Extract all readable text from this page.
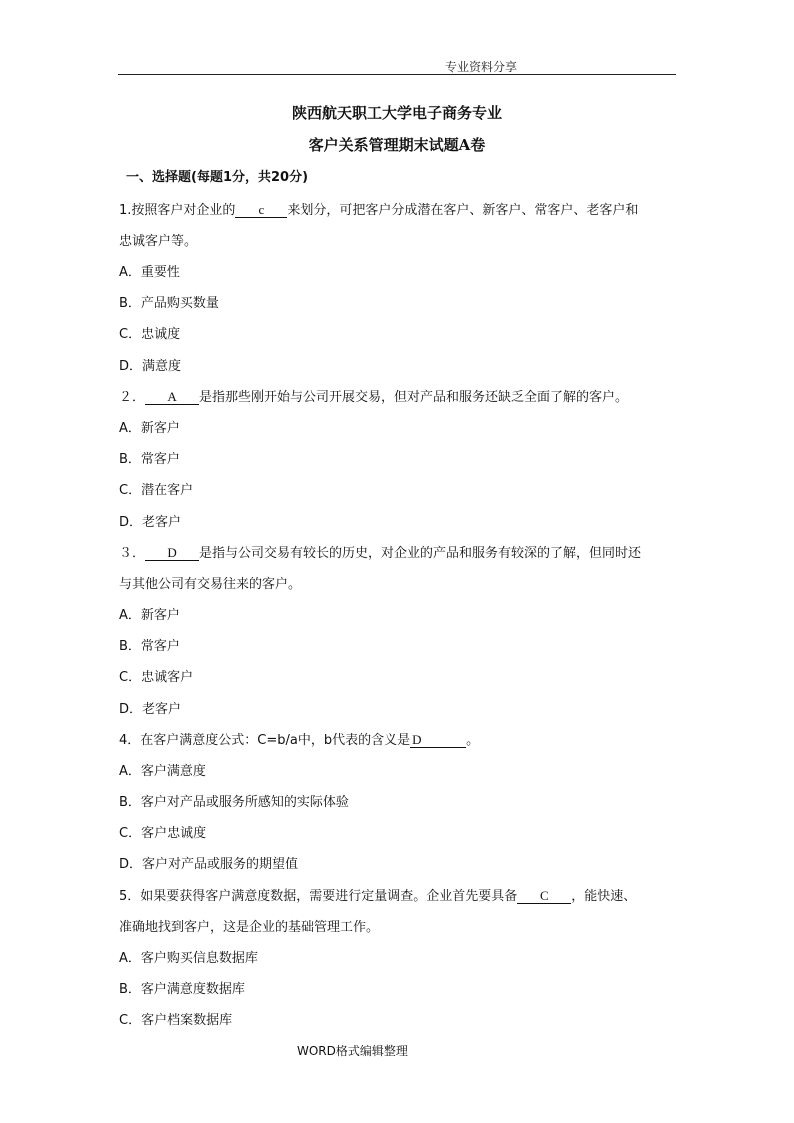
专业资料分享
陕西航天职工大学电子商务专业
客户关系管理期末试题A卷
一、选择题(每题1分，共20分)
1.按照客户对企业的 c 来划分，可把客户分成潜在客户、新客户、常客户、老客户和
忠诚客户等。
A．重要性
B．产品购买数量
C．忠诚度
D．满意度
２． A 是指那些刚开始与公司开展交易，但对产品和服务还缺乏全面了解的客户。
A．新客户
B．常客户
C．潜在客户
D．老客户
３． D 是指与公司交易有较长的历史，对企业的产品和服务有较深的了解，但同时还
与其他公司有交易往来的客户。
A．新客户
B．常客户
C．忠诚客户
D．老客户
4．在客户满意度公式：C=b/a中，b代表的含义是 D	。
A．客户满意度
B．客户对产品或服务所感知的实际体验
C．客户忠诚度
D．客户对产品或服务的期望值
5．如果要获得客户满意度数据，需要进行定量调查。企业首先要具备 C ，能快速、
准确地找到客户，这是企业的基础管理工作。
A．客户购买信息数据库
B．客户满意度数据库
C．客户档案数据库
WORD格式编辑整理
